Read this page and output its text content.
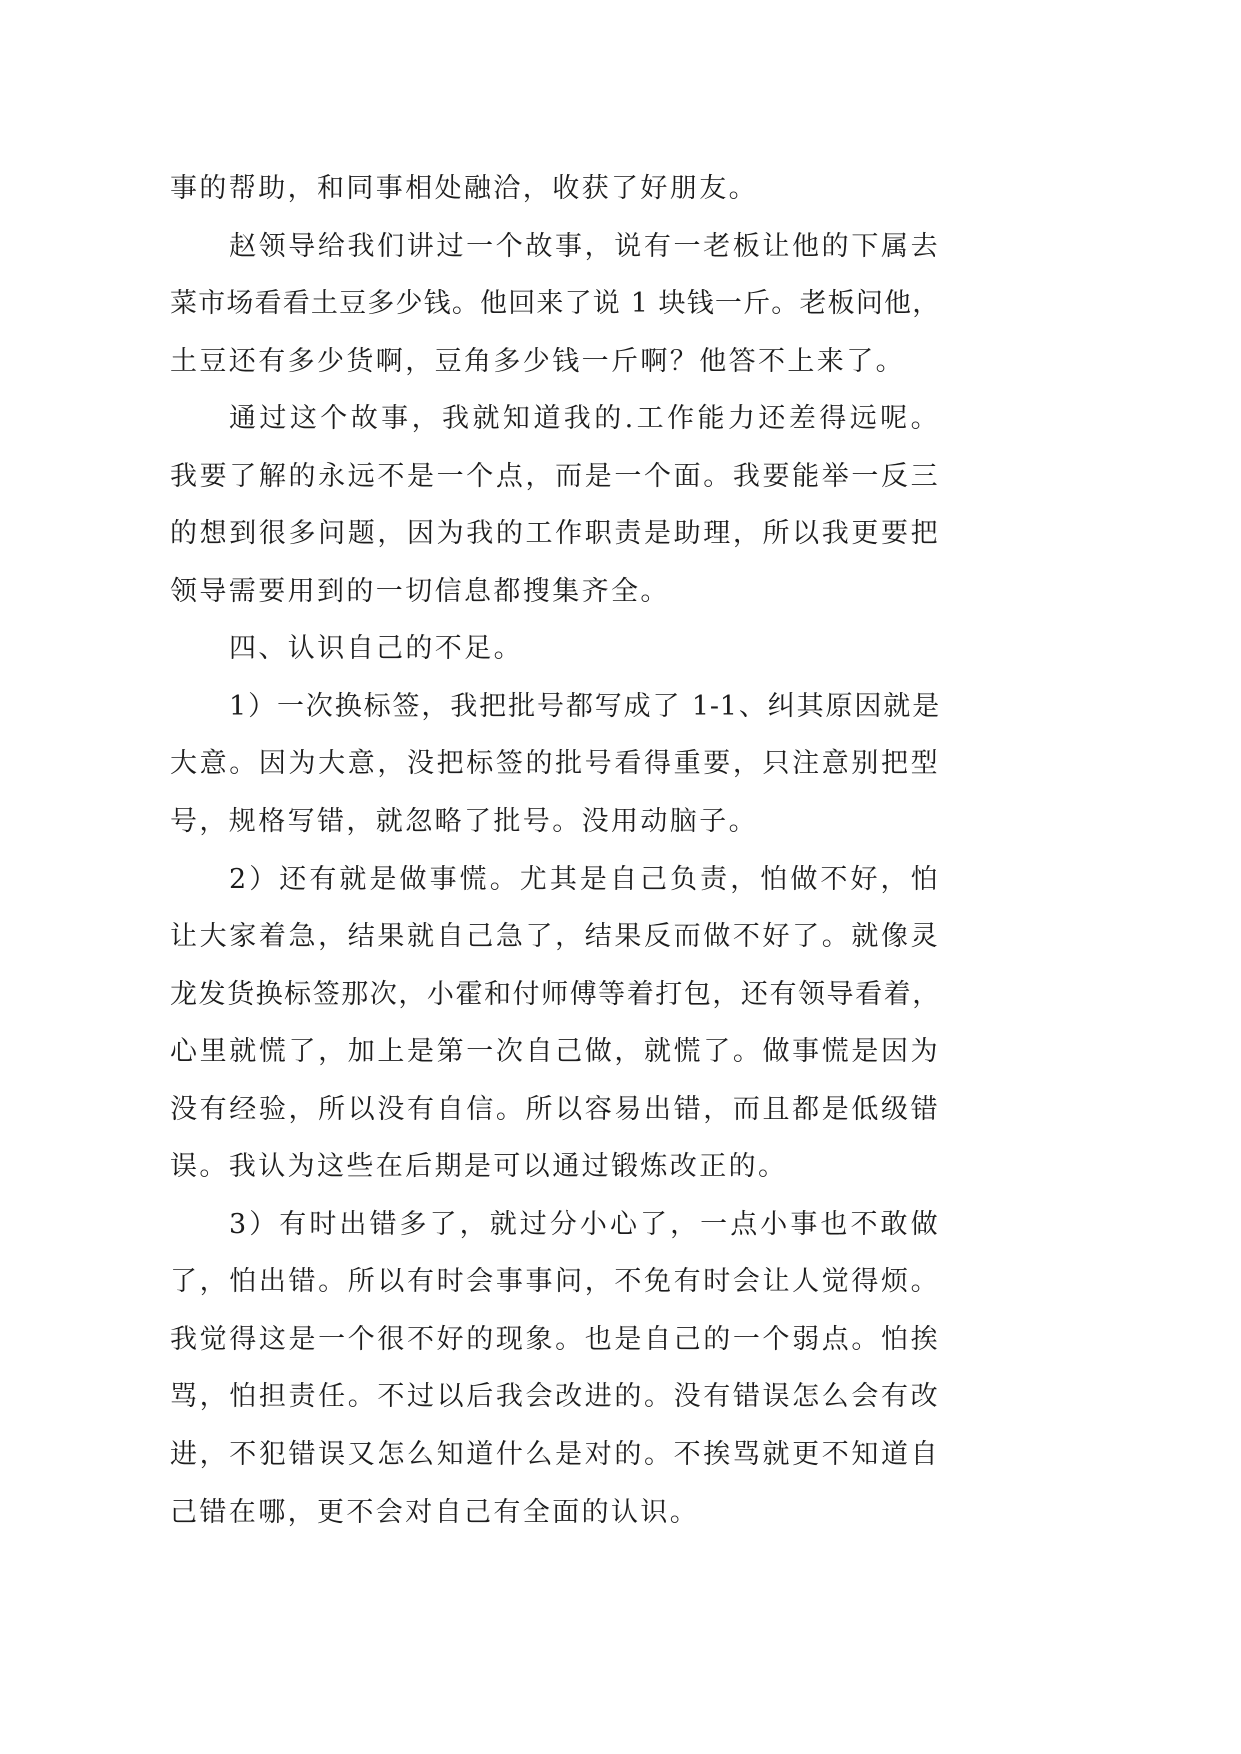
事的帮助，和同事相处融洽，收获了好朋友。
赵领导给我们讲过一个故事，说有一老板让他的下属去
菜市场看看土豆多少钱。他回来了说 1 块钱一斤。老板问他，
土豆还有多少货啊，豆角多少钱一斤啊？他答不上来了。
通过这个故事，我就知道我的.工作能力还差得远呢。
我要了解的永远不是一个点，而是一个面。我要能举一反三
的想到很多问题，因为我的工作职责是助理，所以我更要把
领导需要用到的一切信息都搜集齐全。
四、认识自己的不足。
1）一次换标签，我把批号都写成了 1-1、纠其原因就是
大意。因为大意，没把标签的批号看得重要，只注意别把型
号，规格写错，就忽略了批号。没用动脑子。
2）还有就是做事慌。尤其是自己负责，怕做不好，怕
让大家着急，结果就自己急了，结果反而做不好了。就像灵
龙发货换标签那次，小霍和付师傅等着打包，还有领导看着，
心里就慌了，加上是第一次自己做，就慌了。做事慌是因为
没有经验，所以没有自信。所以容易出错，而且都是低级错
误。我认为这些在后期是可以通过锻炼改正的。
3）有时出错多了，就过分小心了，一点小事也不敢做
了，怕出错。所以有时会事事问，不免有时会让人觉得烦。
我觉得这是一个很不好的现象。也是自己的一个弱点。怕挨
骂，怕担责任。不过以后我会改进的。没有错误怎么会有改
进，不犯错误又怎么知道什么是对的。不挨骂就更不知道自
己错在哪，更不会对自己有全面的认识。
